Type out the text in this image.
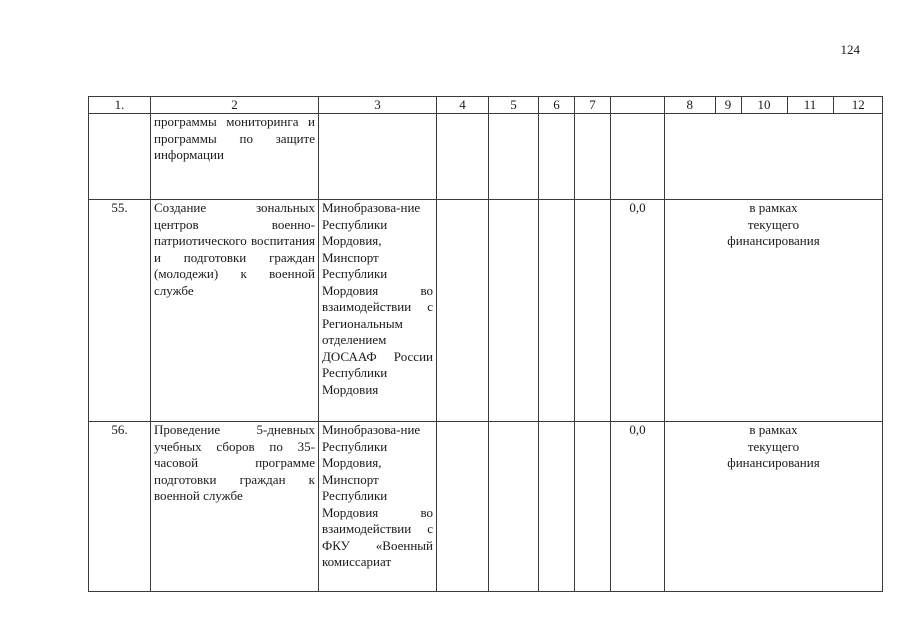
124
1.	2	3	4	5	6	7			8	9	10	11	12

	программы мониторинга и программы по защите информации							
55.	Создание зональных центров военно-патриотического воспитания и подготовки граждан (молодежи) к военной службе	Минобразова-ние Республики Мордовия, Минспорт Республики Мордовия во взаимодействии с Региональным отделением ДОСААФ России Республики Мордовия					0,0	в рамках текущего финансирования
56.	Проведение 5-дневных учебных сборов по 35-часовой программе подготовки граждан к военной службе	Минобразова-ние Республики Мордовия, Минспорт Республики Мордовия во взаимодействии с ФКУ «Военный комиссариат					0,0	в рамках текущего финансирования
